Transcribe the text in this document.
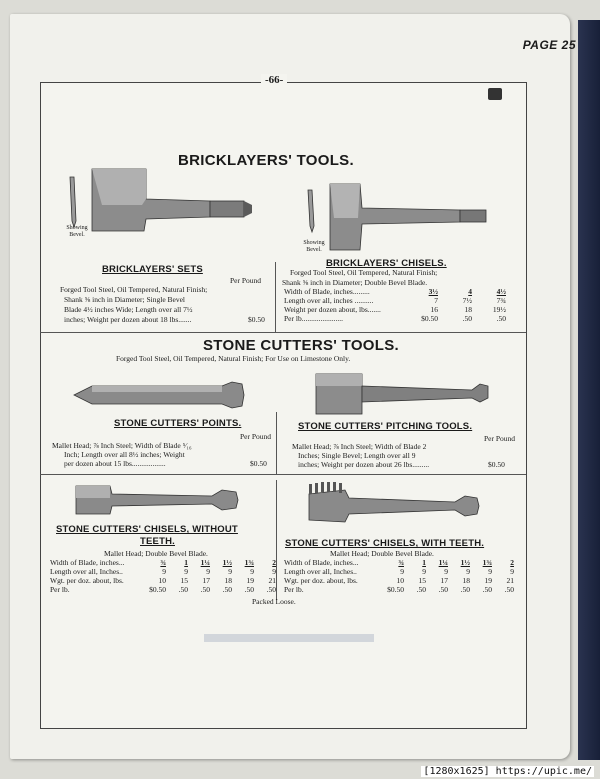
PAGE 25
-66-
BRICKLAYERS' TOOLS.
Showing Bevel.
Showing Bevel.
BRICKLAYERS' SETS
Per Pound
Forged Tool Steel, Oil Tempered, Natural Finish;
Shank ⅝ inch in Diameter; Single Bevel
Blade 4½ inches Wide; Length over all 7½
inches; Weight per dozen about 18 lbs.......	$0.50
BRICKLAYERS' CHISELS.
Forged Tool Steel, Oil Tempered, Natural Finish;
Shank ⅝ inch in Diameter; Double Bevel Blade.
Width of Blade, inches.........	3½	4	4½
Length over all, inches ..........	7	7½	7¾
Weight per dozen about, lbs.......	16	18	19½
Per lb......................	$0.50	.50	.50
STONE CUTTERS' TOOLS.
Forged Tool Steel, Oil Tempered, Natural Finish; For Use on Limestone Only.
STONE CUTTERS' POINTS.
Per Pound
Mallet Head; ⅞ Inch Steel; Width of Blade ⁵⁄₁₆
Inch; Length over all 8½ inches; Weight
per dozen about 15 lbs..................	$0.50
STONE CUTTERS' PITCHING TOOLS.
Per Pound
Mallet Head; ⅞ Inch Steel; Width of Blade 2
Inches; Single Bevel; Length over all 9
inches; Weight per dozen about 26 lbs.........	$0.50
STONE CUTTERS' CHISELS, WITHOUT
TEETH.
Mallet Head; Double Bevel Blade.
Width of Blade, inches...	¾	1	1¼	1½	1¾	2
Length over all, Inches..	9	9	9	9	9	9
Wgt. per doz. about, lbs.	10	15	17	18	19	21
Per lb.	$0.50	.50	.50	.50	.50	.50
STONE CUTTERS' CHISELS, WITH TEETH.
Mallet Head; Double Bevel Blade.
Width of Blade, inches...	¾	1	1¼	1½	1¾	2
Length over all, Inches..	9	9	9	9	9	9
Wgt. per doz. about, lbs.	10	15	17	18	19	21
Per lb.	$0.50	.50	.50	.50	.50	.50
Packed Loose.
[1280x1625] https://upic.me/
